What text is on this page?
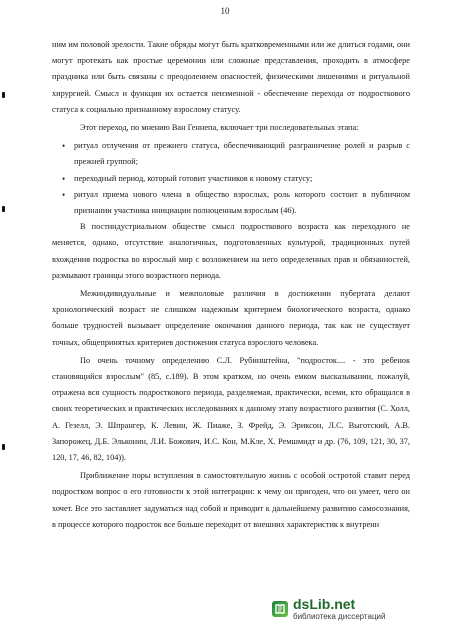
10

ним им половой зрелости. Такие обряды могут быть кратковременными или же длиться годами, они могут протекать как простые церемонии или сложные представления, проходить в атмосфере праздника или быть связаны с преодолением опасностей, физическими лишениями и ритуальной хирургией. Смысл и функция их остается неизменной - обеспечение перехода от подросткового статуса к социально признанному взрослому статусу.

Этот переход, по мнению Ван Геннепа, включает три последовательных этапа:

• ритуал отлучения от прежнего статуса, обеспечивающий разграничение ролей и разрыв с прежней группой;
• переходный период, который готовит участников к новому статусу;
• ритуал приема нового члена в общество взрослых, роль которого состоит в публичном признании участника инициации полноценным взрослым (46).

В постиндустриальном обществе смысл подросткового возраста как переходного не меняется, однако, отсутствие аналогичных, подготовленных культурой, традиционных путей вхождения подростка во взрослый мир с возложением на него определенных прав и обязанностей, размывают границы этого возрастного периода.

Межиндивидуальные и межполовые различия в достижении пубертата делают хронологический возраст не слишком надежным критерием биологического возраста, однако больше трудностей вызывает определение окончания данного периода, так как не существует точных, общепринятых критериев достижения статуса взрослого человека.

По очень точному определению С.Л. Рубинштейна, "подросток.... - это ребенок становящийся взрослым" (85, с.189). В этом кратком, но очень емком высказывании, пожалуй, отражена вся сущность подросткового периода, разделяемая, практически, всеми, кто обращался в своих теоретических и практических исследованиях к данному этапу возрастного развития (С. Холл, А. Гезелл, Э. Шпрангер, К. Левин, Ж. Пиаже, З. Фрейд, Э. Эриксон, Л.С. Выготский, А.В. Запорожец, Д.Б. Эльконин, Л.И. Божович, И.С. Кон, М.Кле, Х. Ремшмидт и др. (76, 109, 121, 30, 37, 120, 17, 46, 82, 104)).

Приближение поры вступления в самостоятельную жизнь с особой остротой ставит перед подростком вопрос о его готовности к этой интеграции: к чему он пригоден, что он умеет, чего он хочет. Все это заставляет задуматься над собой и приводит к дальнейшему развитию самосознания, в процессе которого подросток все больше переходит от внешних характеристик к внутренн

dsLib.net
библиотека диссертаций
